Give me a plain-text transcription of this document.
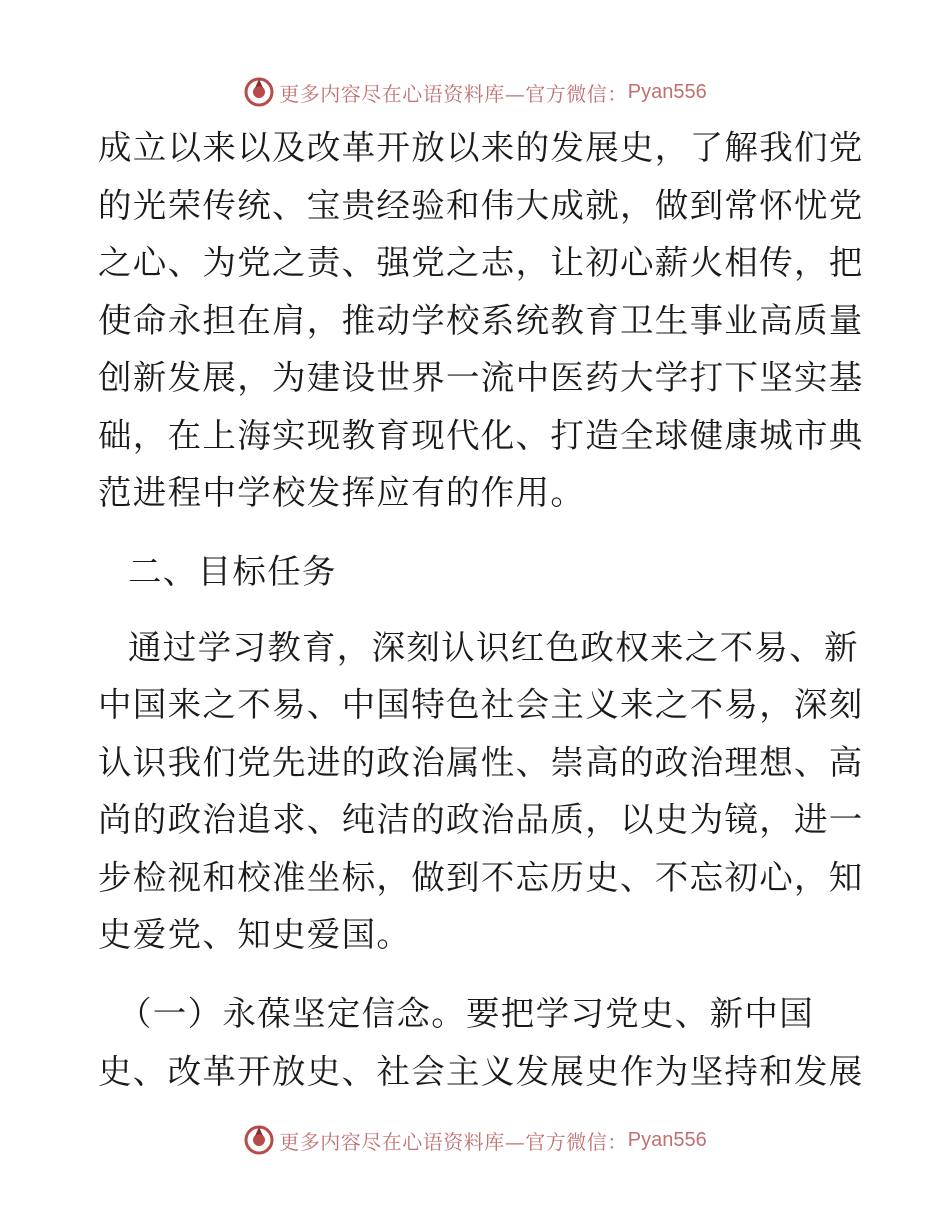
更多内容尽在心语资料库—官方微信： Pyan556
成立以来以及改革开放以来的发展史，了解我们党
的光荣传统、宝贵经验和伟大成就，做到常怀忧党
之心、为党之责、强党之志，让初心薪火相传，把
使命永担在肩，推动学校系统教育卫生事业高质量
创新发展，为建设世界一流中医药大学打下坚实基
础，在上海实现教育现代化、打造全球健康城市典
范进程中学校发挥应有的作用。
二、目标任务
通过学习教育，深刻认识红色政权来之不易、新
中国来之不易、中国特色社会主义来之不易，深刻
认识我们党先进的政治属性、崇高的政治理想、高
尚的政治追求、纯洁的政治品质，以史为镜，进一
步检视和校准坐标，做到不忘历史、不忘初心，知
史爱党、知史爱国。
（一）永葆坚定信念。要把学习党史、新中国
史、改革开放史、社会主义发展史作为坚持和发展
更多内容尽在心语资料库—官方微信： Pyan556
